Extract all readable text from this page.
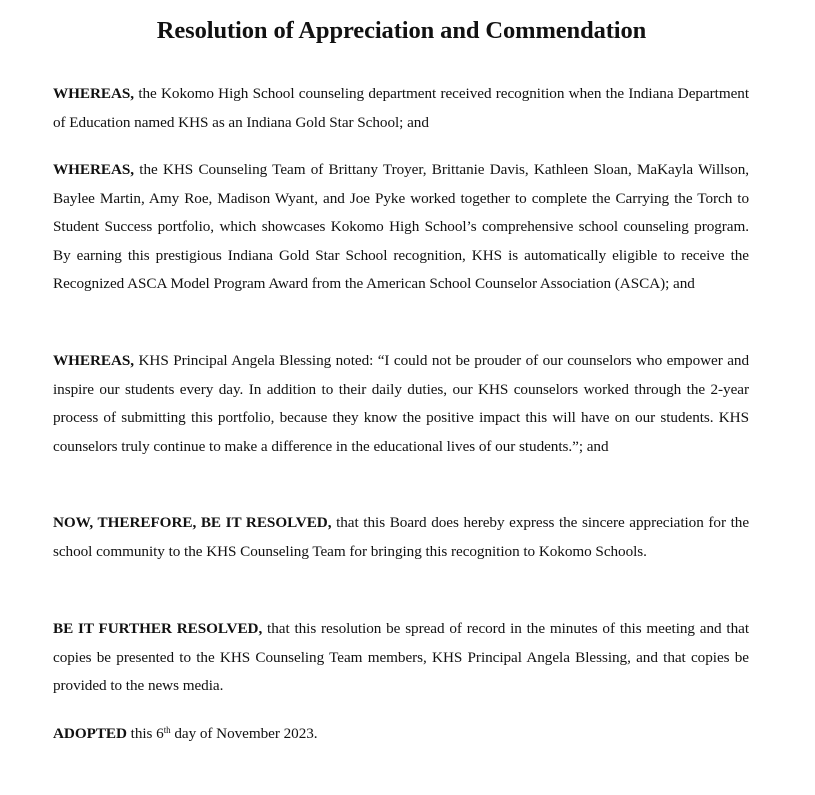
Resolution of Appreciation and Commendation

WHEREAS, the Kokomo High School counseling department received recognition when the Indiana Department of Education named KHS as an Indiana Gold Star School; and

WHEREAS, the KHS Counseling Team of Brittany Troyer, Brittanie Davis, Kathleen Sloan, MaKayla Willson, Baylee Martin, Amy Roe, Madison Wyant, and Joe Pyke worked together to complete the Carrying the Torch to Student Success portfolio, which showcases Kokomo High School’s comprehensive school counseling program. By earning this prestigious Indiana Gold Star School recognition, KHS is automatically eligible to receive the Recognized ASCA Model Program Award from the American School Counselor Association (ASCA); and

WHEREAS, KHS Principal Angela Blessing noted: “I could not be prouder of our counselors who empower and inspire our students every day. In addition to their daily duties, our KHS counselors worked through the 2-year process of submitting this portfolio, because they know the positive impact this will have on our students. KHS counselors truly continue to make a difference in the educational lives of our students.”; and

NOW, THEREFORE, BE IT RESOLVED, that this Board does hereby express the sincere appreciation for the school community to the KHS Counseling Team for bringing this recognition to Kokomo Schools.

BE IT FURTHER RESOLVED, that this resolution be spread of record in the minutes of this meeting and that copies be presented to the KHS Counseling Team members, KHS Principal Angela Blessing, and that copies be provided to the news media.

ADOPTED this 6th day of November 2023.
